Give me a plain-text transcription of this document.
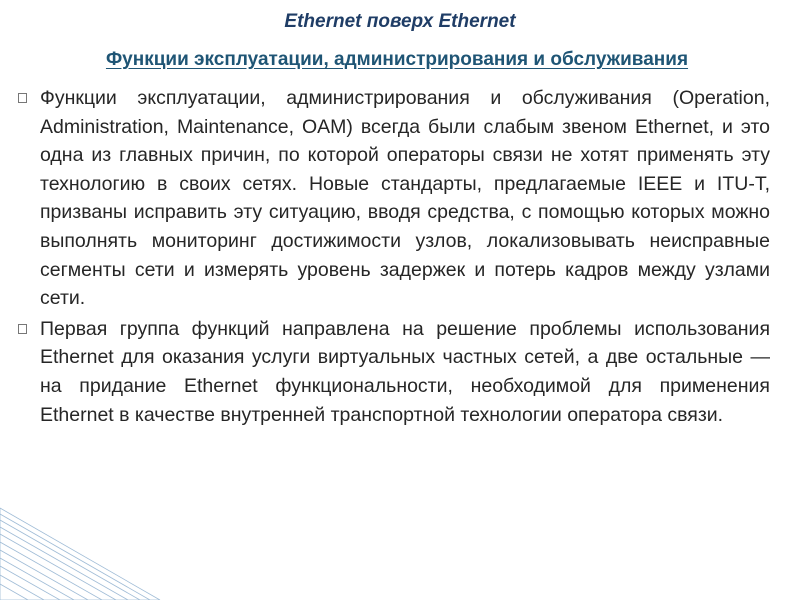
Ethernet поверх Ethernet
Функции эксплуатации, администрирования и обслуживания
Функции эксплуатации, администрирования и обслуживания (Operation, Administration, Maintenance, OAM) всегда были слабым звеном Ethernet, и это одна из главных причин, по которой операторы связи не хотят применять эту технологию в своих сетях. Новые стандарты, предлагаемые IEEE и ITU-T, призваны исправить эту ситуацию, вводя средства, с помощью которых можно выполнять мониторинг достижимости узлов, локализовывать неисправные сегменты сети и измерять уровень задержек и потерь кадров между узлами сети.
Первая группа функций направлена на решение проблемы использования Ethernet для оказания услуги виртуальных частных сетей, а две остальные — на придание Ethernet функциональности, необходимой для применения Ethernet в качестве внутренней транспортной технологии оператора связи.
